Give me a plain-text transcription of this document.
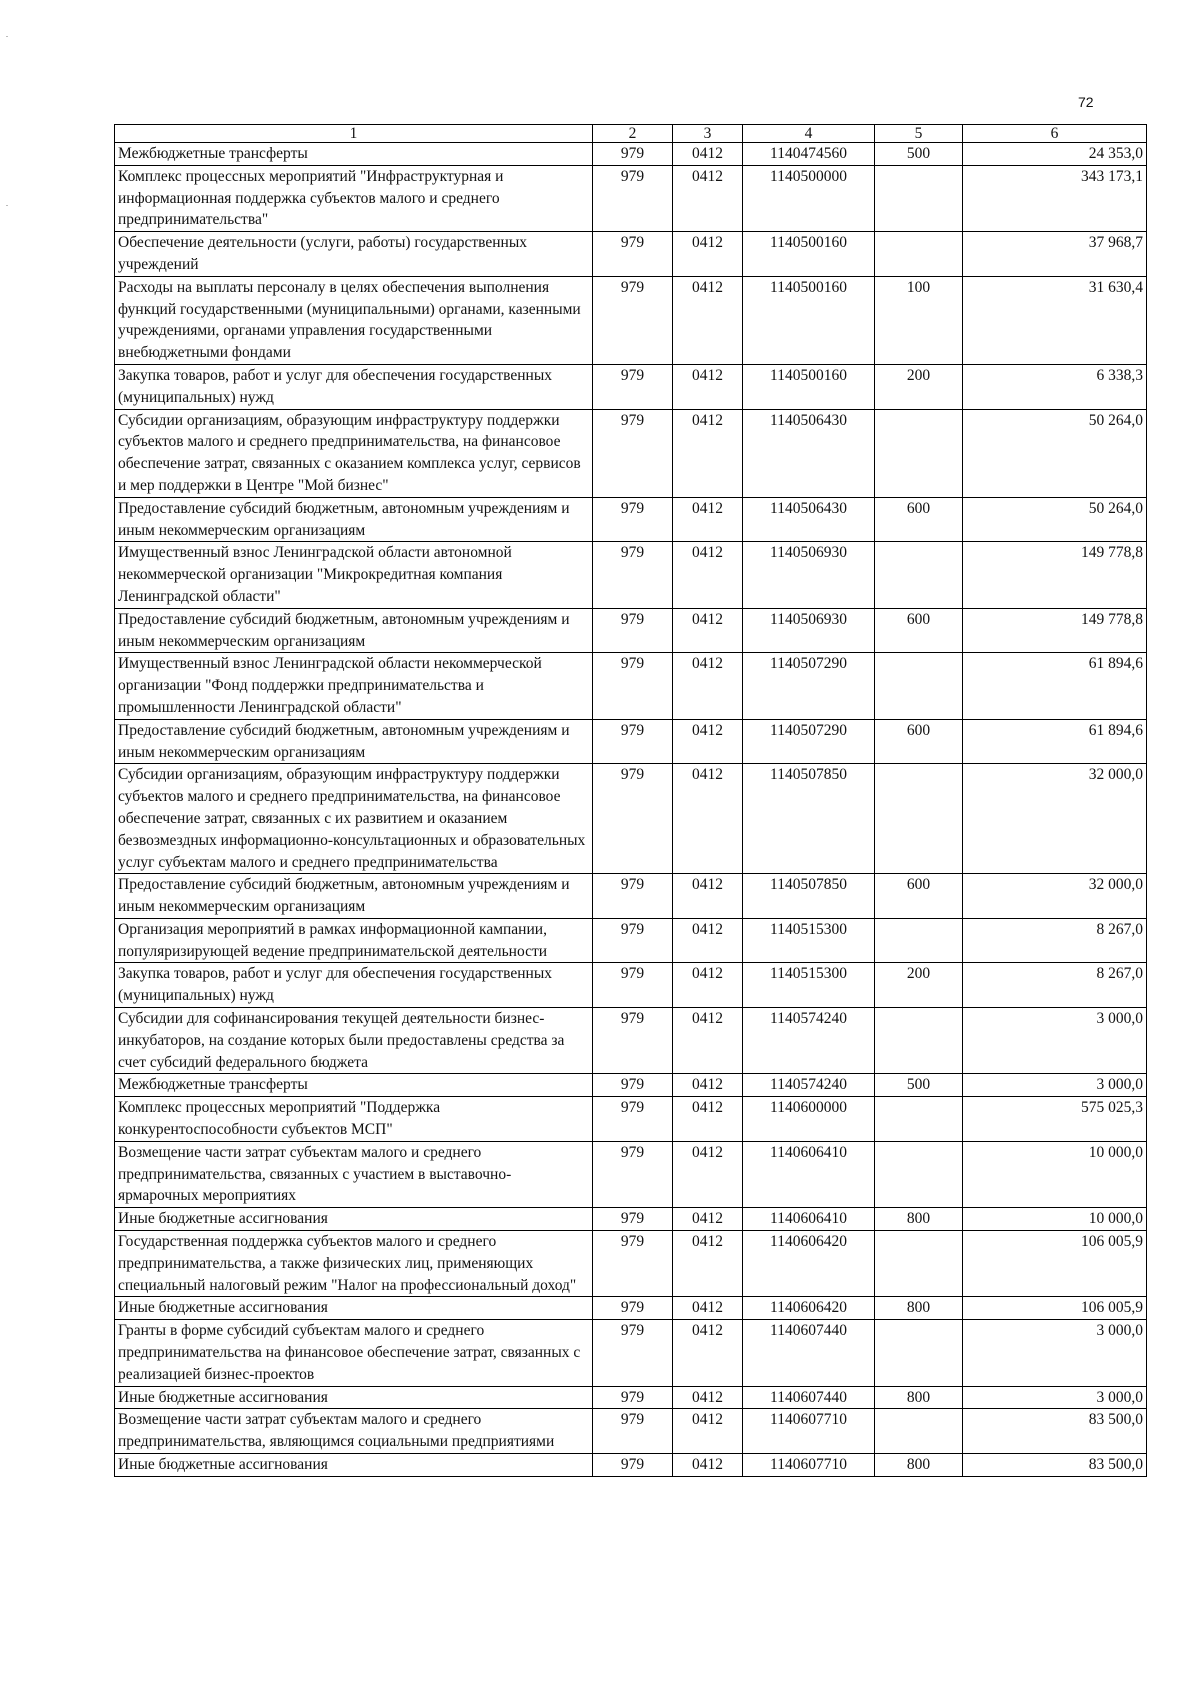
72
1	2	3	4	5	6
Межбюджетные трансферты	979	0412	1140474560	500	24 353,0
Комплекс процессных мероприятий "Инфраструктурная и информационная поддержка субъектов малого и среднего предпринимательства"	979	0412	1140500000		343 173,1
Обеспечение деятельности (услуги, работы) государственных учреждений	979	0412	1140500160		37 968,7
Расходы на выплаты персоналу в целях обеспечения выполнения функций государственными (муниципальными) органами, казенными учреждениями, органами управления государственными внебюджетными фондами	979	0412	1140500160	100	31 630,4
Закупка товаров, работ и услуг для обеспечения государственных (муниципальных) нужд	979	0412	1140500160	200	6 338,3
Субсидии организациям, образующим инфраструктуру поддержки субъектов малого и среднего предпринимательства, на финансовое обеспечение затрат, связанных с оказанием комплекса услуг, сервисов и мер поддержки в Центре "Мой бизнес"	979	0412	1140506430		50 264,0
Предоставление субсидий бюджетным, автономным учреждениям и иным некоммерческим организациям	979	0412	1140506430	600	50 264,0
Имущественный взнос Ленинградской области автономной некоммерческой организации "Микрокредитная компания Ленинградской области"	979	0412	1140506930		149 778,8
Предоставление субсидий бюджетным, автономным учреждениям и иным некоммерческим организациям	979	0412	1140506930	600	149 778,8
Имущественный взнос Ленинградской области некоммерческой организации "Фонд поддержки предпринимательства и промышленности Ленинградской области"	979	0412	1140507290		61 894,6
Предоставление субсидий бюджетным, автономным учреждениям и иным некоммерческим организациям	979	0412	1140507290	600	61 894,6
Субсидии организациям, образующим инфраструктуру поддержки субъектов малого и среднего предпринимательства, на финансовое обеспечение затрат, связанных с их развитием и оказанием безвозмездных информационно-консультационных и образовательных услуг субъектам малого и среднего предпринимательства	979	0412	1140507850		32 000,0
Предоставление субсидий бюджетным, автономным учреждениям и иным некоммерческим организациям	979	0412	1140507850	600	32 000,0
Организация мероприятий в рамках информационной кампании, популяризирующей ведение предпринимательской деятельности	979	0412	1140515300		8 267,0
Закупка товаров, работ и услуг для обеспечения государственных (муниципальных) нужд	979	0412	1140515300	200	8 267,0
Субсидии для софинансирования текущей деятельности бизнес-инкубаторов, на создание которых были предоставлены средства за счет субсидий федерального бюджета	979	0412	1140574240		3 000,0
Межбюджетные трансферты	979	0412	1140574240	500	3 000,0
Комплекс процессных мероприятий "Поддержка конкурентоспособности субъектов МСП"	979	0412	1140600000		575 025,3
Возмещение части затрат субъектам малого и среднего предпринимательства, связанных с участием в выставочно-ярмарочных мероприятиях	979	0412	1140606410		10 000,0
Иные бюджетные ассигнования	979	0412	1140606410	800	10 000,0
Государственная поддержка субъектов малого и среднего предпринимательства, а также физических лиц, применяющих специальный налоговый режим "Налог на профессиональный доход"	979	0412	1140606420		106 005,9
Иные бюджетные ассигнования	979	0412	1140606420	800	106 005,9
Гранты в форме субсидий субъектам малого и среднего предпринимательства на финансовое обеспечение затрат, связанных с реализацией бизнес-проектов	979	0412	1140607440		3 000,0
Иные бюджетные ассигнования	979	0412	1140607440	800	3 000,0
Возмещение части затрат субъектам малого и среднего предпринимательства, являющимся социальными предприятиями	979	0412	1140607710		83 500,0
Иные бюджетные ассигнования	979	0412	1140607710	800	83 500,0
